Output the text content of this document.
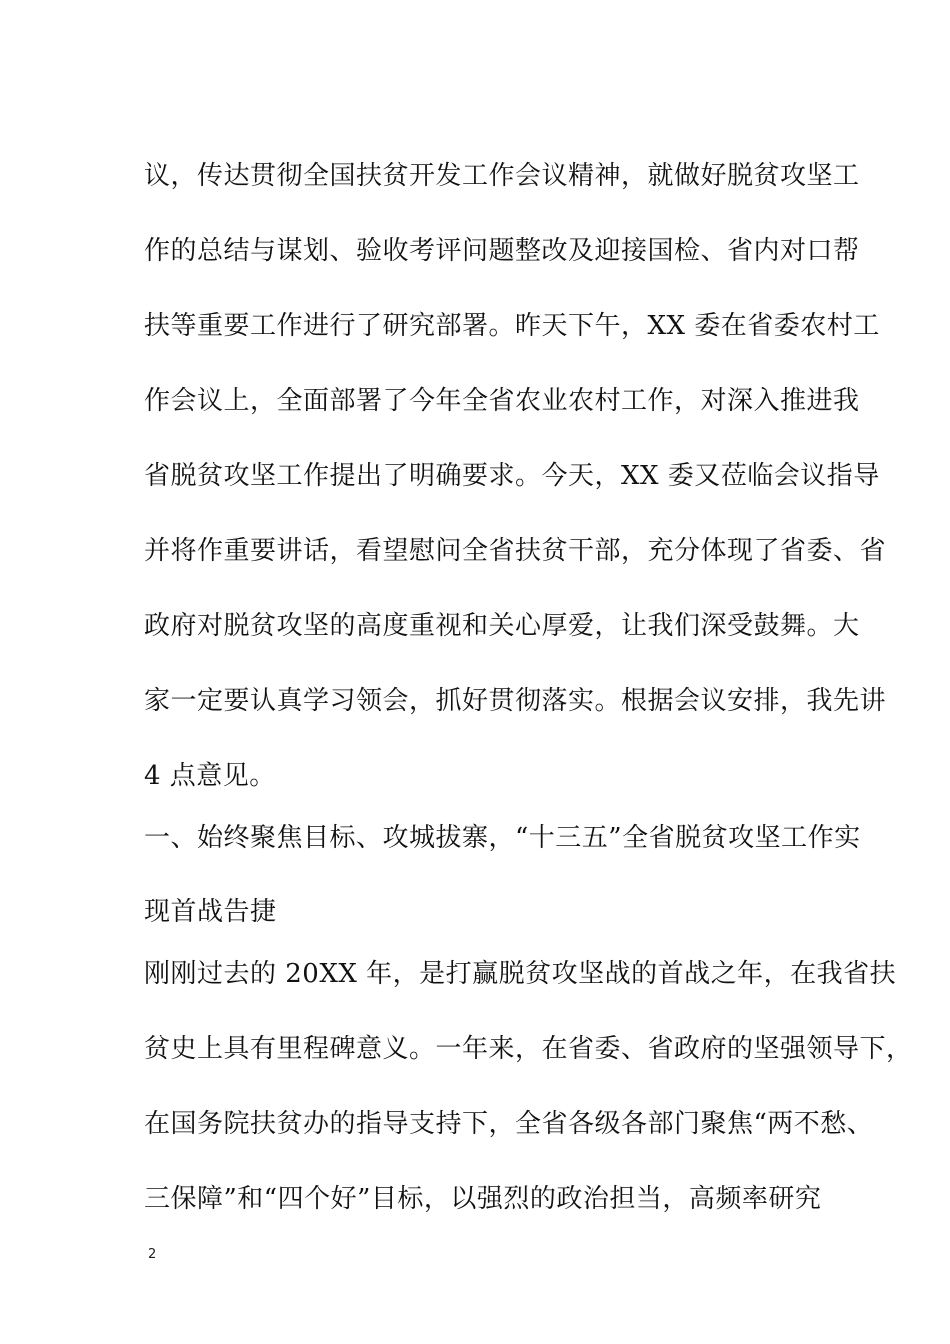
议，传达贯彻全国扶贫开发工作会议精神，就做好脱贫攻坚工
作的总结与谋划、验收考评问题整改及迎接国检、省内对口帮
扶等重要工作进行了研究部署。昨天下午，XX 委在省委农村工
作会议上，全面部署了今年全省农业农村工作，对深入推进我
省脱贫攻坚工作提出了明确要求。今天，XX 委又莅临会议指导
并将作重要讲话，看望慰问全省扶贫干部，充分体现了省委、省
政府对脱贫攻坚的高度重视和关心厚爱，让我们深受鼓舞。大
家一定要认真学习领会，抓好贯彻落实。根据会议安排，我先讲
4 点意见。
一、始终聚焦目标、攻城拔寨，“十三五”全省脱贫攻坚工作实
现首战告捷
刚刚过去的 20XX 年，是打赢脱贫攻坚战的首战之年，在我省扶
贫史上具有里程碑意义。一年来，在省委、省政府的坚强领导下，
在国务院扶贫办的指导支持下，全省各级各部门聚焦“两不愁、
三保障”和“四个好”目标，以强烈的政治担当，高频率研究
2
